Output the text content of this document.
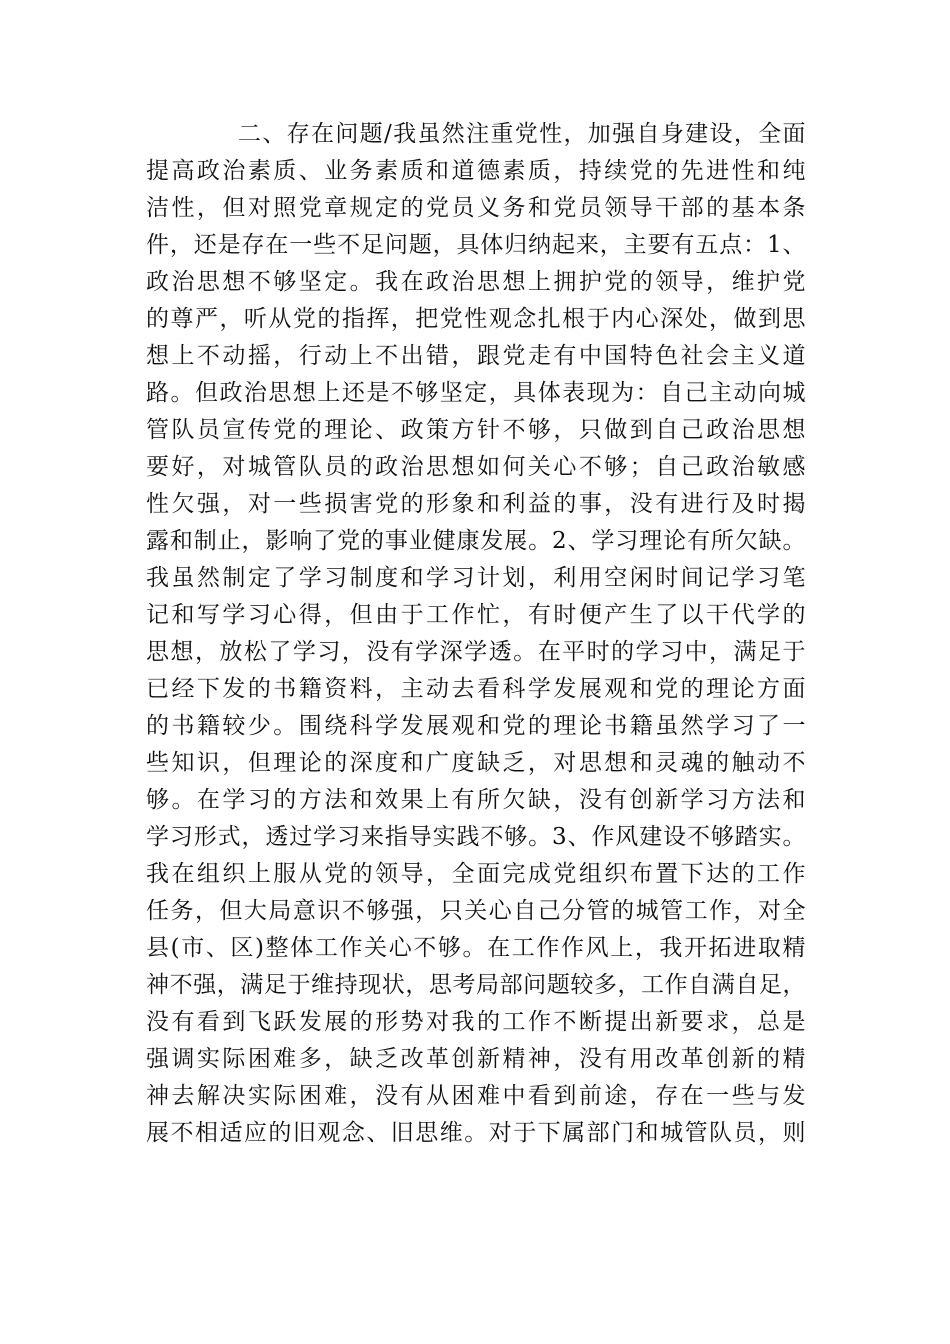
二、存在问题/我虽然注重党性，加强自身建设，全面
提高政治素质、业务素质和道德素质，持续党的先进性和纯
洁性，但对照党章规定的党员义务和党员领导干部的基本条
件，还是存在一些不足问题，具体归纳起来，主要有五点：1、
政治思想不够坚定。我在政治思想上拥护党的领导，维护党
的尊严，听从党的指挥，把党性观念扎根于内心深处，做到思
想上不动摇，行动上不出错，跟党走有中国特色社会主义道
路。但政治思想上还是不够坚定，具体表现为：自己主动向城
管队员宣传党的理论、政策方针不够，只做到自己政治思想
要好，对城管队员的政治思想如何关心不够；自己政治敏感
性欠强，对一些损害党的形象和利益的事，没有进行及时揭
露和制止，影响了党的事业健康发展。2、学习理论有所欠缺。
我虽然制定了学习制度和学习计划，利用空闲时间记学习笔
记和写学习心得，但由于工作忙，有时便产生了以干代学的
思想，放松了学习，没有学深学透。在平时的学习中，满足于
已经下发的书籍资料，主动去看科学发展观和党的理论方面
的书籍较少。围绕科学发展观和党的理论书籍虽然学习了一
些知识，但理论的深度和广度缺乏，对思想和灵魂的触动不
够。在学习的方法和效果上有所欠缺，没有创新学习方法和
学习形式，透过学习来指导实践不够。3、作风建设不够踏实。
我在组织上服从党的领导，全面完成党组织布置下达的工作
任务，但大局意识不够强，只关心自己分管的城管工作，对全
县(市、区)整体工作关心不够。在工作作风上，我开拓进取精
神不强，满足于维持现状，思考局部问题较多，工作自满自足，
没有看到飞跃发展的形势对我的工作不断提出新要求，总是
强调实际困难多，缺乏改革创新精神，没有用改革创新的精
神去解决实际困难，没有从困难中看到前途，存在一些与发
展不相适应的旧观念、旧思维。对于下属部门和城管队员，则
